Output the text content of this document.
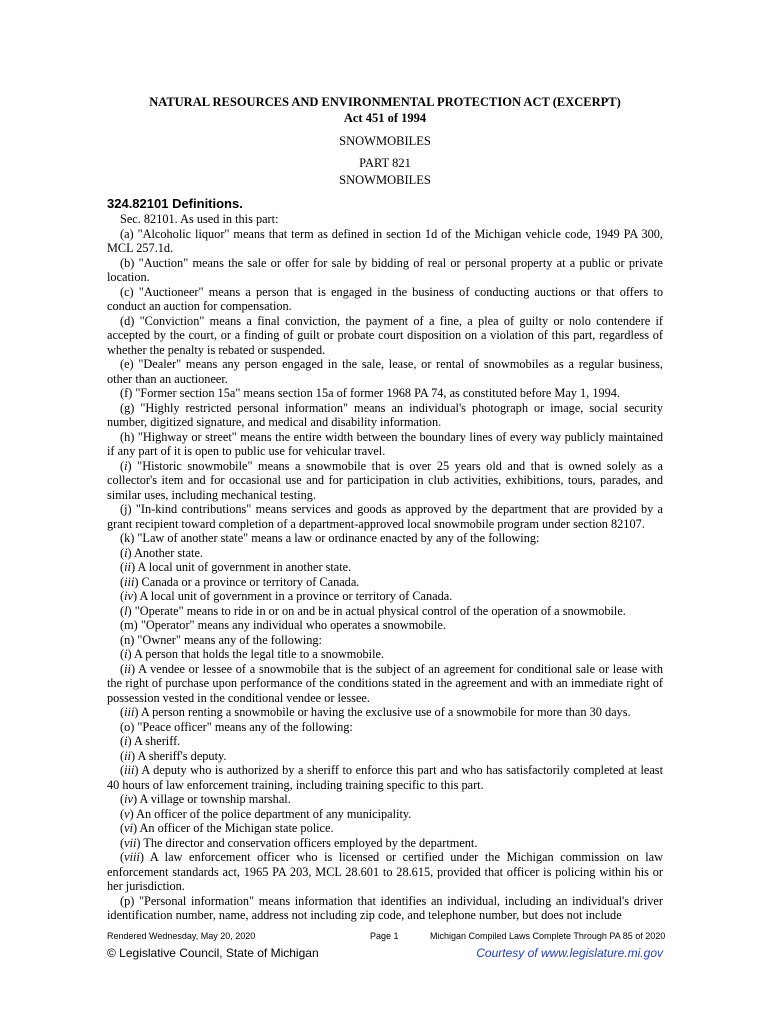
NATURAL RESOURCES AND ENVIRONMENTAL PROTECTION ACT (EXCERPT)
Act 451 of 1994
SNOWMOBILES
PART 821
SNOWMOBILES
324.82101 Definitions.

Sec. 82101. As used in this part:

(a) "Alcoholic liquor" means that term as defined in section 1d of the Michigan vehicle code, 1949 PA 300, MCL 257.1d.

(b) "Auction" means the sale or offer for sale by bidding of real or personal property at a public or private location.

(c) "Auctioneer" means a person that is engaged in the business of conducting auctions or that offers to conduct an auction for compensation.

(d) "Conviction" means a final conviction, the payment of a fine, a plea of guilty or nolo contendere if accepted by the court, or a finding of guilt or probate court disposition on a violation of this part, regardless of whether the penalty is rebated or suspended.

(e) "Dealer" means any person engaged in the sale, lease, or rental of snowmobiles as a regular business, other than an auctioneer.

(f) "Former section 15a" means section 15a of former 1968 PA 74, as constituted before May 1, 1994.

(g) "Highly restricted personal information" means an individual's photograph or image, social security number, digitized signature, and medical and disability information.

(h) "Highway or street" means the entire width between the boundary lines of every way publicly maintained if any part of it is open to public use for vehicular travel.

(i) "Historic snowmobile" means a snowmobile that is over 25 years old and that is owned solely as a collector's item and for occasional use and for participation in club activities, exhibitions, tours, parades, and similar uses, including mechanical testing.

(j) "In-kind contributions" means services and goods as approved by the department that are provided by a grant recipient toward completion of a department-approved local snowmobile program under section 82107.

(k) "Law of another state" means a law or ordinance enacted by any of the following:

(i) Another state.

(ii) A local unit of government in another state.

(iii) Canada or a province or territory of Canada.

(iv) A local unit of government in a province or territory of Canada.

(l) "Operate" means to ride in or on and be in actual physical control of the operation of a snowmobile.

(m) "Operator" means any individual who operates a snowmobile.

(n) "Owner" means any of the following:

(i) A person that holds the legal title to a snowmobile.

(ii) A vendee or lessee of a snowmobile that is the subject of an agreement for conditional sale or lease with the right of purchase upon performance of the conditions stated in the agreement and with an immediate right of possession vested in the conditional vendee or lessee.

(iii) A person renting a snowmobile or having the exclusive use of a snowmobile for more than 30 days.

(o) "Peace officer" means any of the following:

(i) A sheriff.

(ii) A sheriff's deputy.

(iii) A deputy who is authorized by a sheriff to enforce this part and who has satisfactorily completed at least 40 hours of law enforcement training, including training specific to this part.

(iv) A village or township marshal.

(v) An officer of the police department of any municipality.

(vi) An officer of the Michigan state police.

(vii) The director and conservation officers employed by the department.

(viii) A law enforcement officer who is licensed or certified under the Michigan commission on law enforcement standards act, 1965 PA 203, MCL 28.601 to 28.615, provided that officer is policing within his or her jurisdiction.

(p) "Personal information" means information that identifies an individual, including an individual's driver identification number, name, address not including zip code, and telephone number, but does not include

Rendered Wednesday, May 20, 2020	Page 1	Michigan Compiled Laws Complete Through PA 85 of 2020
© Legislative Council, State of Michigan	Courtesy of www.legislature.mi.gov
